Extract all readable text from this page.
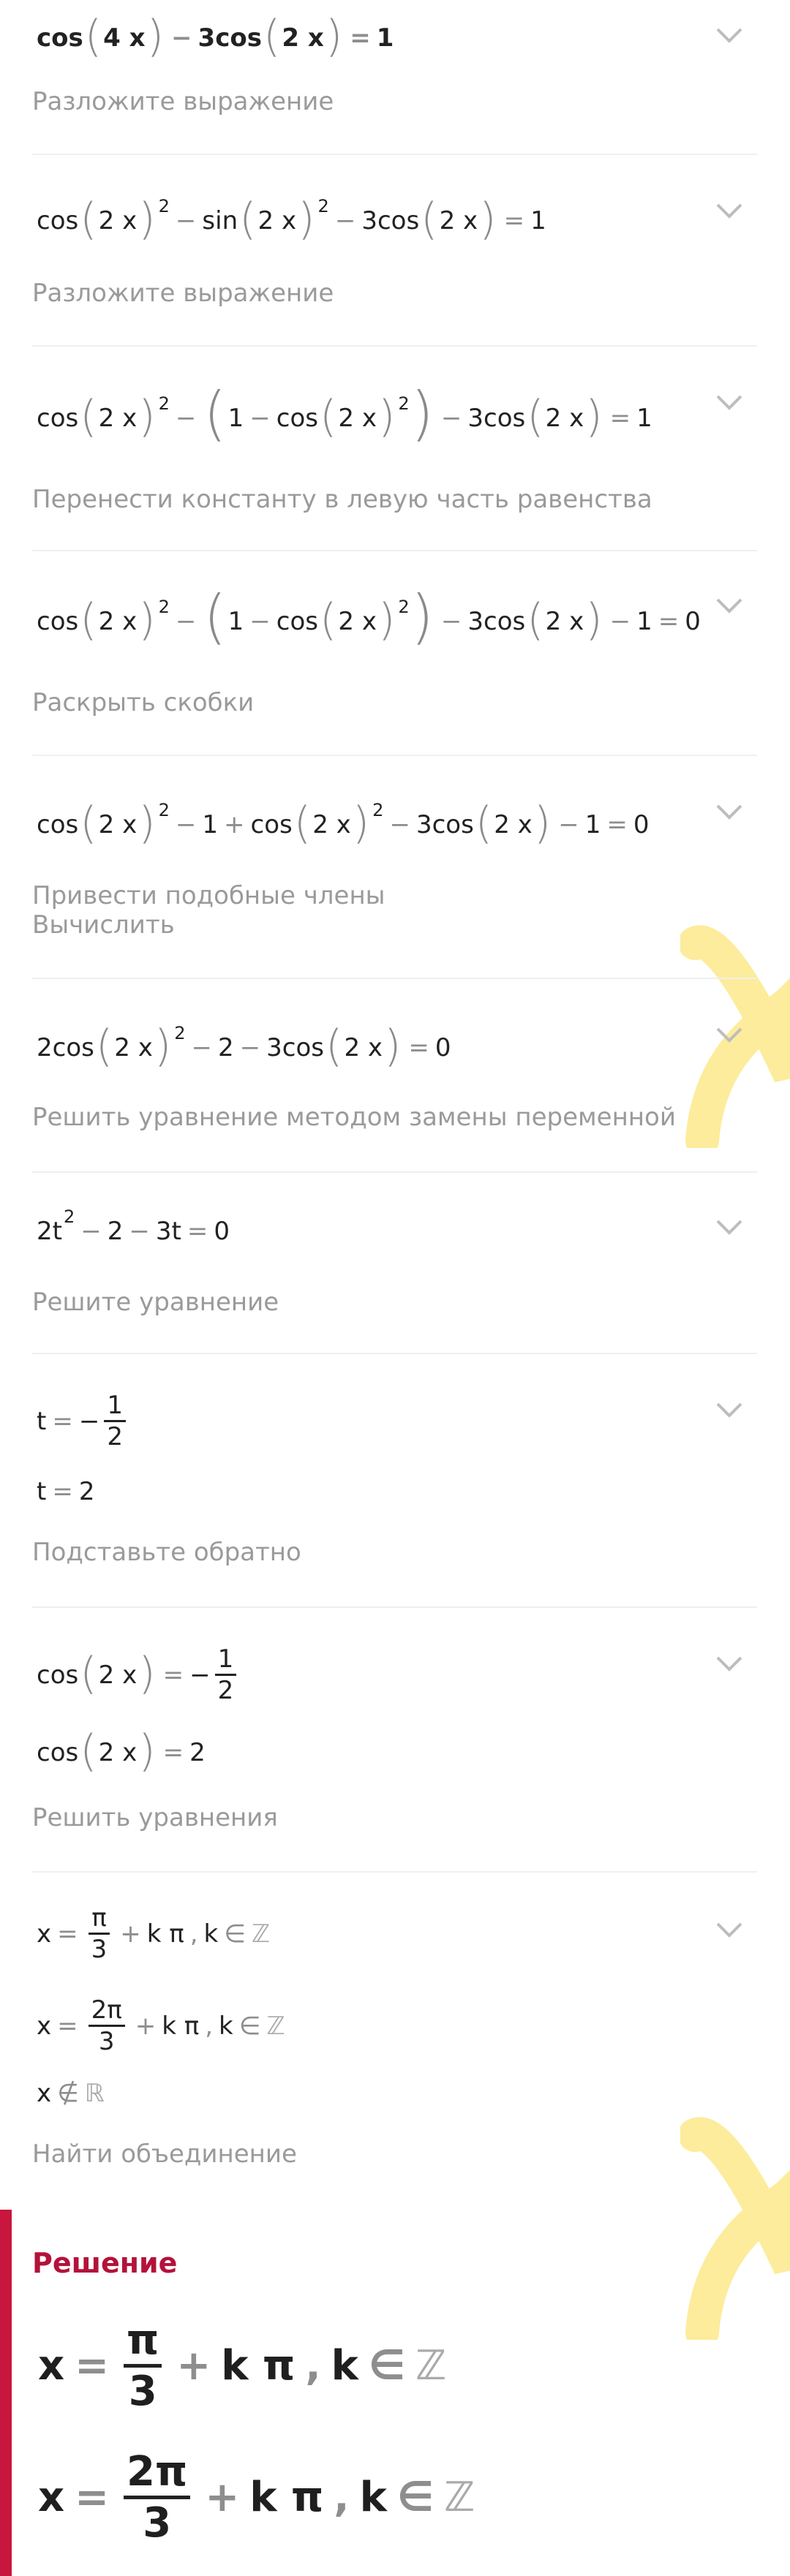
cos ( 4 x ) − 3cos ( 2 x ) = 1
Разложите выражение
cos ( 2 x ) 2 − sin ( 2 x ) 2 − 3cos ( 2 x ) = 1
Разложите выражение
cos ( 2 x ) 2 − ( 1 − cos ( 2 x ) 2 ) − 3cos ( 2 x ) = 1
Перенести константу в левую часть равенства
cos ( 2 x ) 2 − ( 1 − cos ( 2 x ) 2 ) − 3cos ( 2 x ) − 1 = 0
Раскрыть скобки
cos ( 2 x ) 2 − 1 + cos ( 2 x ) 2 − 3cos ( 2 x ) − 1 = 0
Привести подобные члены
Вычислить
2cos ( 2 x ) 2 − 2 − 3cos ( 2 x ) = 0
Решить уравнение методом замены переменной
2t 2 − 2 − 3t = 0
Решите уравнение
t = − $\frac{1}{2}$
t = 2
Подставьте обратно
cos ( 2 x ) = − $\frac{1}{2}$
cos ( 2 x ) = 2
Решить уравнения
$x = \frac{\pi}{3} + k$ π , k ∈ ℤ
$x = \frac{2\pi}{3} + k$ π , k ∈ ℤ
x ∉ ℝ
Найти объединение
Решение
x =
π
3
+ k π , k ∈ ℤ
x =
2π
3
+ k π , k ∈ ℤ
